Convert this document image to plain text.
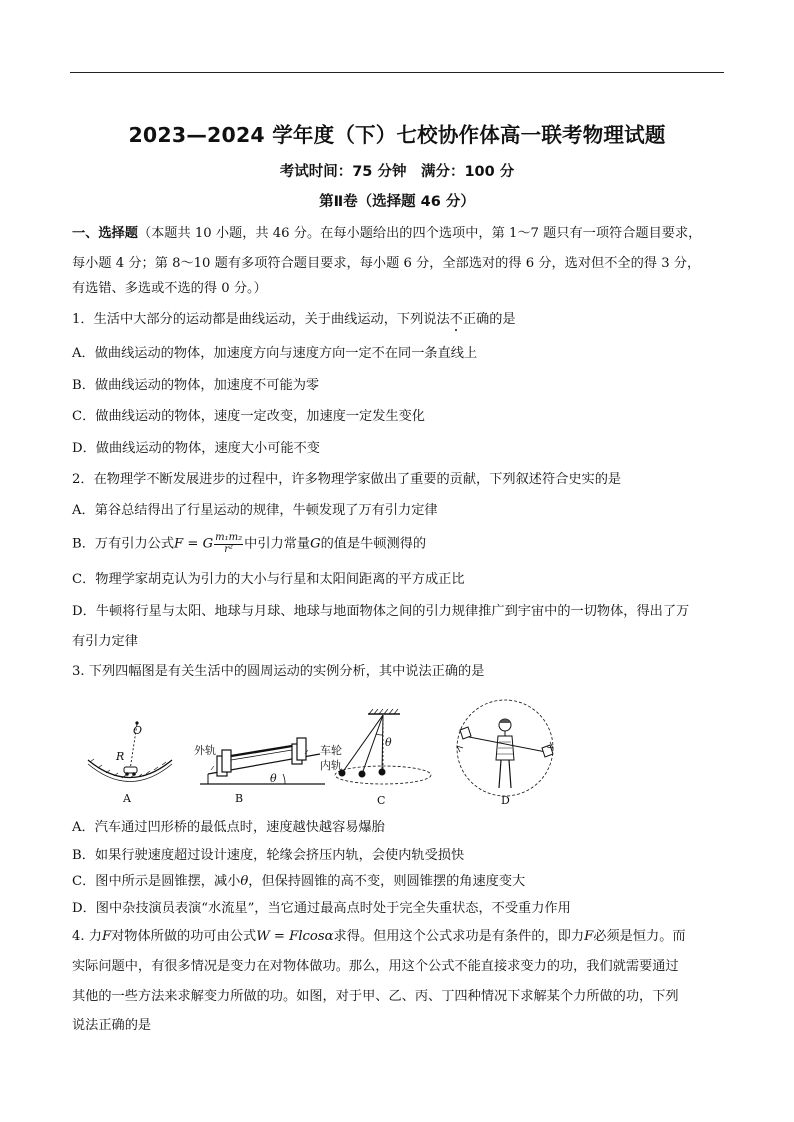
2023—2024 学年度（下）七校协作体高一联考物理试题
考试时间：75 分钟　满分：100 分
第Ⅱ卷（选择题 46 分）
一、选择题（本题共 10 小题，共 46 分。在每小题给出的四个选项中，第 1～7 题只有一项符合题目要求，
每小题 4 分；第 8～10 题有多项符合题目要求，每小题 6 分，全部选对的得 6 分，选对但不全的得 3 分，
有选错、多选或不选的得 0 分。）
1．生活中大部分的运动都是曲线运动，关于曲线运动，下列说法不正确的是
A．做曲线运动的物体，加速度方向与速度方向一定不在同一条直线上
B．做曲线运动的物体，加速度不可能为零
C．做曲线运动的物体，速度一定改变，加速度一定发生变化
D．做曲线运动的物体，速度大小可能不变
2．在物理学不断发展进步的过程中，许多物理学家做出了重要的贡献，下列叙述符合史实的是
A．第谷总结得出了行星运动的规律，牛顿发现了万有引力定律
B．万有引力公式F = G $\frac{\text{m₁m₂}}{\text{r²}}$ 中引力常量G的值是牛顿测得的
C．物理学家胡克认为引力的大小与行星和太阳间距离的平方成正比
D．牛顿将行星与太阳、地球与月球、地球与地面物体之间的引力规律推广到宇宙中的一切物体，得出了万
有引力定律
3. 下列四幅图是有关生活中的圆周运动的实例分析，其中说法正确的是
O
R	外轨	车轮
内轨
θ
θ
A	B	C	D
A．汽车通过凹形桥的最低点时，速度越快越容易爆胎
B．如果行驶速度超过设计速度，轮缘会挤压内轨，会使内轨受损快
C．图中所示是圆锥摆，减小θ，但保持圆锥的高不变，则圆锥摆的角速度变大
D．图中杂技演员表演“水流星”，当它通过最高点时处于完全失重状态，不受重力作用
4. 力F对物体所做的功可由公式W = Flcosα求得。但用这个公式求功是有条件的，即力F必须是恒力。而
实际问题中，有很多情况是变力在对物体做功。那么，用这个公式不能直接求变力的功，我们就需要通过
其他的一些方法来求解变力所做的功。如图，对于甲、乙、丙、丁四种情况下求解某个力所做的功，下列
说法正确的是
